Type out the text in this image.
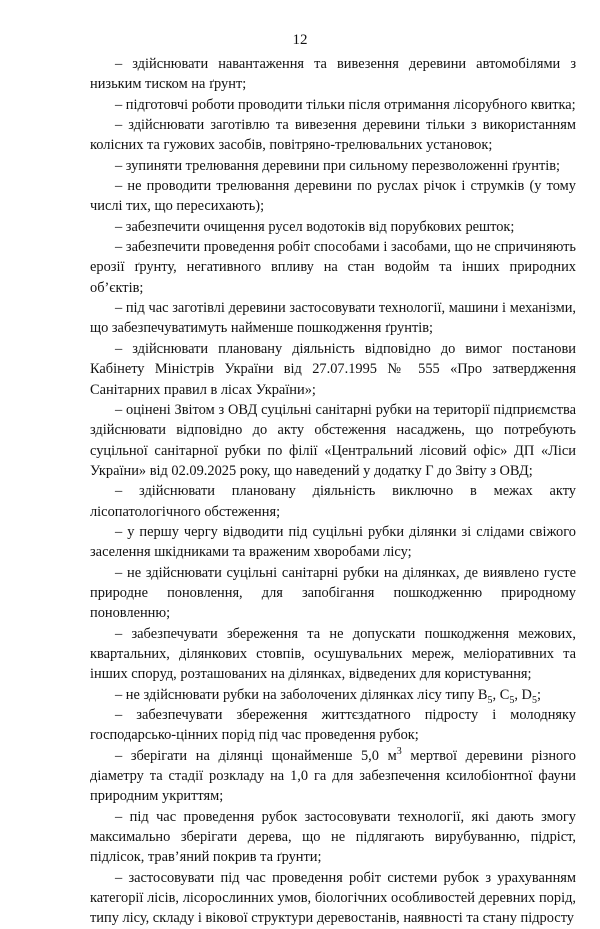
12

– здійснювати навантаження та вивезення деревини автомобілями з низьким тиском на ґрунт;

– підготовчі роботи проводити тільки після отримання лісорубного квитка;

– здійснювати заготівлю та вивезення деревини тільки з використанням колісних та гужових засобів, повітряно-трелювальних установок;

– зупиняти трелювання деревини при сильному перезволоженні ґрунтів;

– не проводити трелювання деревини по руслах річок і струмків (у тому числі тих, що пересихають);

– забезпечити очищення русел водотоків від порубкових решток;

– забезпечити проведення робіт способами і засобами, що не спричиняють ерозії ґрунту, негативного впливу на стан водойм та інших природних об’єктів;

– під час заготівлі деревини застосовувати технології, машини і механізми, що забезпечуватимуть найменше пошкодження ґрунтів;

– здійснювати плановану діяльність відповідно до вимог постанови Кабінету Міністрів України від 27.07.1995 № 555 «Про затвердження Санітарних правил в лісах України»;

– оцінені Звітом з ОВД суцільні санітарні рубки на території підприємства здійснювати відповідно до акту обстеження насаджень, що потребують суцільної санітарної рубки по філії «Центральний лісовий офіс» ДП «Ліси України» від 02.09.2025 року, що наведений у додатку Г до Звіту з ОВД;

– здійснювати плановану діяльність виключно в межах акту лісопатологічного обстеження;

– у першу чергу відводити під суцільні рубки ділянки зі слідами свіжого заселення шкідниками та враженим хворобами лісу;

– не здійснювати суцільні санітарні рубки на ділянках, де виявлено густе природне поновлення, для запобігання пошкодженню природному поновленню;

– забезпечувати збереження та не допускати пошкодження межових, квартальних, ділянкових стовпів, осушувальних мереж, меліоративних та інших споруд, розташованих на ділянках, відведених для користування;

– не здійснювати рубки на заболочених ділянках лісу типу $B_5$, $C_5$, $D_5$;

– забезпечувати збереження життєздатного підросту і молодняку господарсько-цінних порід під час проведення рубок;

– зберігати на ділянці щонайменше 5,0 $м^3$ мертвої деревини різного діаметру та стадії розкладу на 1,0 га для забезпечення ксилобіонтної фауни природним укриттям;

– під час проведення рубок застосовувати технології, які дають змогу максимально зберігати дерева, що не підлягають вирубуванню, підріст, підлісок, трав’яний покрив та ґрунти;

– застосовувати під час проведення робіт системи рубок з урахуванням категорії лісів, лісорослинних умов, біологічних особливостей деревних порід, типу лісу, складу і вікової структури деревостанів, наявності та стану підросту
